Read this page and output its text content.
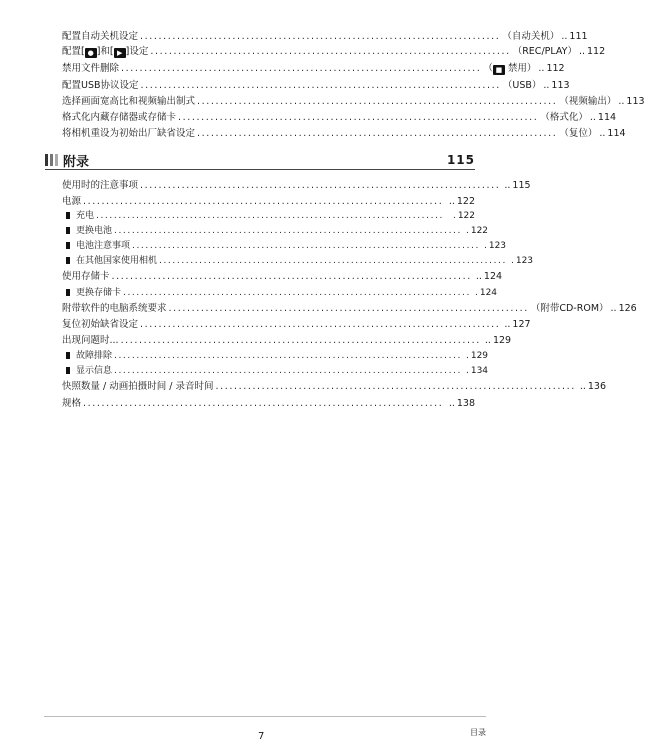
配置自动关机设定 .............................................................................. （自动关机） .. 111
配置[ ● ]和[ ▶ ]设定 .............................................................................. （REC/PLAY） .. 112
禁用文件删除 .............................................................................. （ ■ 禁用） .. 112
配置USB协议设定 .............................................................................. （USB） .. 113
选择画面宽高比和视频输出制式 .............................................................................. （视频输出） .. 113
格式化内藏存储器或存储卡 .............................................................................. （格式化） .. 114
将相机重设为初始出厂缺省设定 .............................................................................. （复位） .. 114
附录	115
使用时的注意事项 .............................................................................. .. 115
电源 .............................................................................. .. 122
充电 .............................................................................. . 122
更换电池 .............................................................................. . 122
电池注意事项 .............................................................................. . 123
在其他国家使用相机 .............................................................................. . 123
使用存储卡 .............................................................................. .. 124
更换存储卡 .............................................................................. . 124
附带软件的电脑系统要求 .............................................................................. （附带CD-ROM） .. 126
复位初始缺省设定 .............................................................................. .. 127
出现问题时... .............................................................................. .. 129
故障排除 .............................................................................. . 129
显示信息 .............................................................................. . 134
快照数量 / 动画拍摄时间 / 录音时间 .............................................................................. .. 136
规格 .............................................................................. .. 138
7	目录
